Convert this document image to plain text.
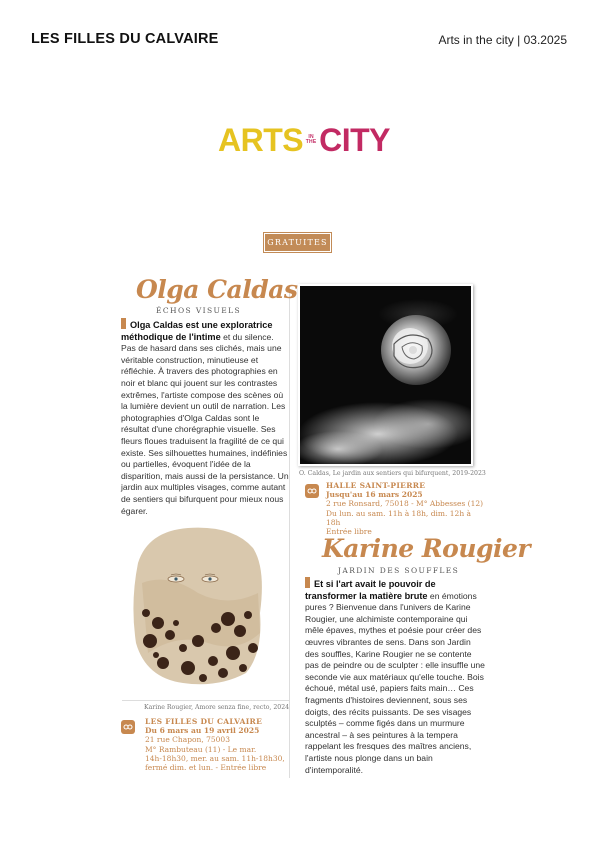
LES FILLES DU CALVAIRE	Arts in the city | 03.2025
ARTS	IN THE CITY
GRATUITES
Olga Caldas
ÉCHOS VISUELS
Olga Caldas est une exploratrice méthodique de l'intime et du silence. Pas de hasard dans ses clichés, mais une véritable construction, minutieuse et réfléchie. À travers des photographies en noir et blanc qui jouent sur les contrastes extrêmes, l'artiste compose des scènes où la lumière devient un outil de narration. Les photographies d'Olga Caldas sont le résultat d'une chorégraphie visuelle. Ses fleurs floues traduisent la fragilité de ce qui existe. Ses silhouettes humaines, indéfinies ou partielles, évoquent l'idée de la disparition, mais aussi de la persistance. Un jardin aux multiples visages, comme autant de sentiers qui bifurquent pour mieux nous égarer.
O. Caldas, Le jardin aux sentiers qui bifurquent, 2019-2023
HALLE SAINT-PIERRE
Jusqu'au 16 mars 2025
2 rue Ronsard, 75018 - M° Abbesses (12)
Du lun. au sam. 11h à 18h, dim. 12h à 18h
Entrée libre
Karine Rougier
JARDIN DES SOUFFLES
Et si l'art avait le pouvoir de transformer la matière brute en émotions pures ? Bienvenue dans l'univers de Karine Rougier, une alchimiste contemporaine qui mêle épaves, mythes et poésie pour créer des œuvres vibrantes de sens. Dans son Jardin des souffles, Karine Rougier ne se contente pas de peindre ou de sculpter : elle insuffle une seconde vie aux matériaux qu'elle touche. Bois échoué, métal usé, papiers faits main… Ces fragments d'histoires deviennent, sous ses doigts, des récits puissants. De ses visages sculptés – comme figés dans un murmure ancestral – à ses peintures à la tempera rappelant les fresques des maîtres anciens, l'artiste nous plonge dans un bain d'intemporalité.
Karine Rougier, Amore senza fine, recto, 2024
LES FILLES DU CALVAIRE
Du 6 mars au 19 avril 2025
21 rue Chapon, 75003
M° Rambuteau (11) - Le mar.
14h-18h30, mer. au sam. 11h-18h30,
fermé dim. et lun. - Entrée libre
